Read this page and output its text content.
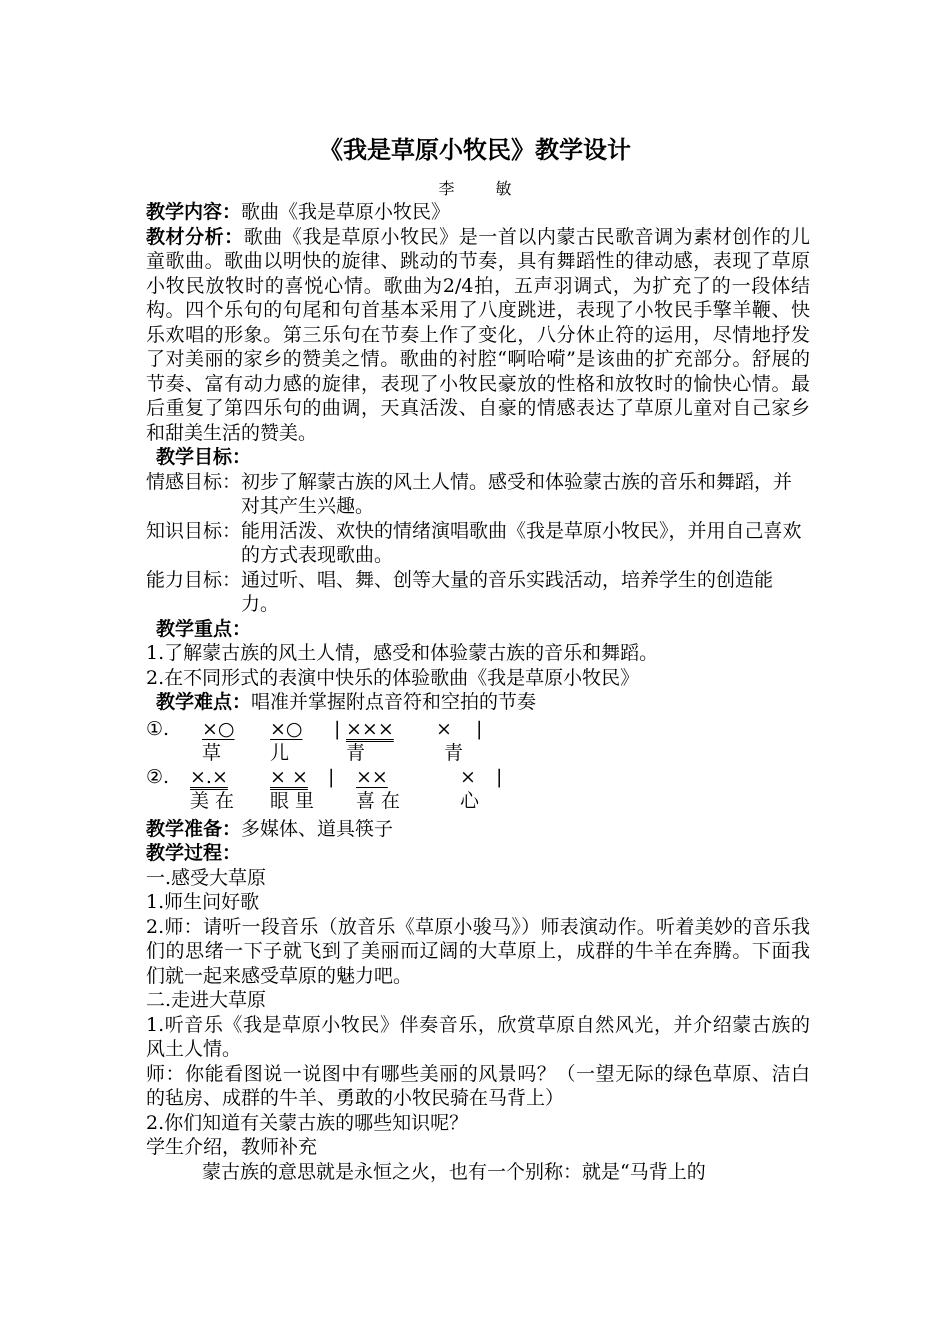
《我是草原小牧民》教学设计
李 敏

教学内容：歌曲《我是草原小牧民》

教材分析：歌曲《我是草原小牧民》是一首以内蒙古民歌音调为素材创作的儿童歌曲。歌曲以明快的旋律、跳动的节奏，具有舞蹈性的律动感，表现了草原小牧民放牧时的喜悦心情。歌曲为2/4拍，五声羽调式，为扩充了的一段体结构。四个乐句的句尾和句首基本采用了八度跳进，表现了小牧民手擎羊鞭、快乐欢唱的形象。第三乐句在节奏上作了变化，八分休止符的运用，尽情地抒发了对美丽的家乡的赞美之情。歌曲的衬腔“啊哈嗬”是该曲的扩充部分。舒展的节奏、富有动力感的旋律，表现了小牧民豪放的性格和放牧时的愉快心情。最后重复了第四乐句的曲调，天真活泼、自豪的情感表达了草原儿童对自己家乡和甜美生活的赞美。

教学目标：

情感目标： 初步了解蒙古族的风土人情。感受和体验蒙古族的音乐和舞蹈，并对其产生兴趣。
知识目标： 能用活泼、欢快的情绪演唱歌曲《我是草原小牧民》，并用自己喜欢的方式表现歌曲。
能力目标： 通过听、唱、舞、创等大量的音乐实践活动，培养学生的创造能力。

教学重点：

1.了解蒙古族的风土人情，感受和体验蒙古族的音乐和舞蹈。

2.在不同形式的表演中快乐的体验歌曲《我是草原小牧民》

教学难点：唱准并掌握附点音符和空拍的节奏

①. ×○ ×○ | ××× × |
草	儿	青	青
②. ×.× × × | ××	× |
美 在 眼 里 喜 在	心

教学准备：多媒体、道具筷子

教学过程：

一.感受大草原

1.师生问好歌

2.师：请听一段音乐（放音乐《草原小骏马》）师表演动作。听着美妙的音乐我们的思绪一下子就飞到了美丽而辽阔的大草原上，成群的牛羊在奔腾。下面我们就一起来感受草原的魅力吧。

二.走进大草原

1.听音乐《我是草原小牧民》伴奏音乐，欣赏草原自然风光，并介绍蒙古族的风土人情。

师：你能看图说一说图中有哪些美丽的风景吗？（一望无际的绿色草原、洁白的毡房、成群的牛羊、勇敢的小牧民骑在马背上）

2.你们知道有关蒙古族的哪些知识呢？

学生介绍，教师补充

蒙古族的意思就是永恒之火，也有一个别称：就是“马背上的
